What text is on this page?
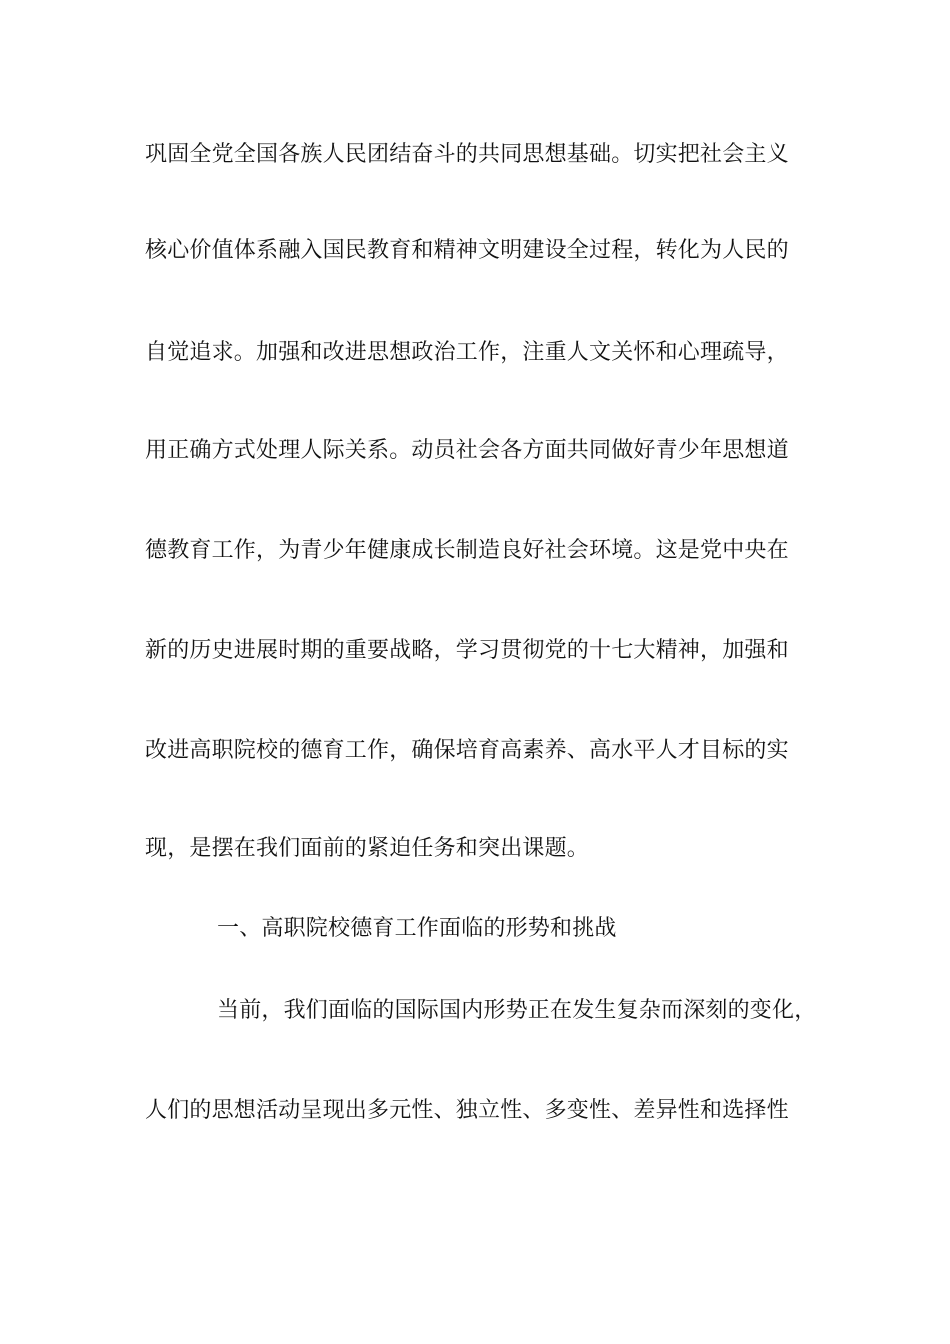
巩固全党全国各族人民团结奋斗的共同思想基础。切实把社会主义
核心价值体系融入国民教育和精神文明建设全过程，转化为人民的
自觉追求。加强和改进思想政治工作，注重人文关怀和心理疏导，
用正确方式处理人际关系。动员社会各方面共同做好青少年思想道
德教育工作，为青少年健康成长制造良好社会环境。这是党中央在
新的历史进展时期的重要战略，学习贯彻党的十七大精神，加强和
改进高职院校的德育工作，确保培育高素养、高水平人才目标的实
现，是摆在我们面前的紧迫任务和突出课题。
一、高职院校德育工作面临的形势和挑战
当前，我们面临的国际国内形势正在发生复杂而深刻的变化，
人们的思想活动呈现出多元性、独立性、多变性、差异性和选择性
